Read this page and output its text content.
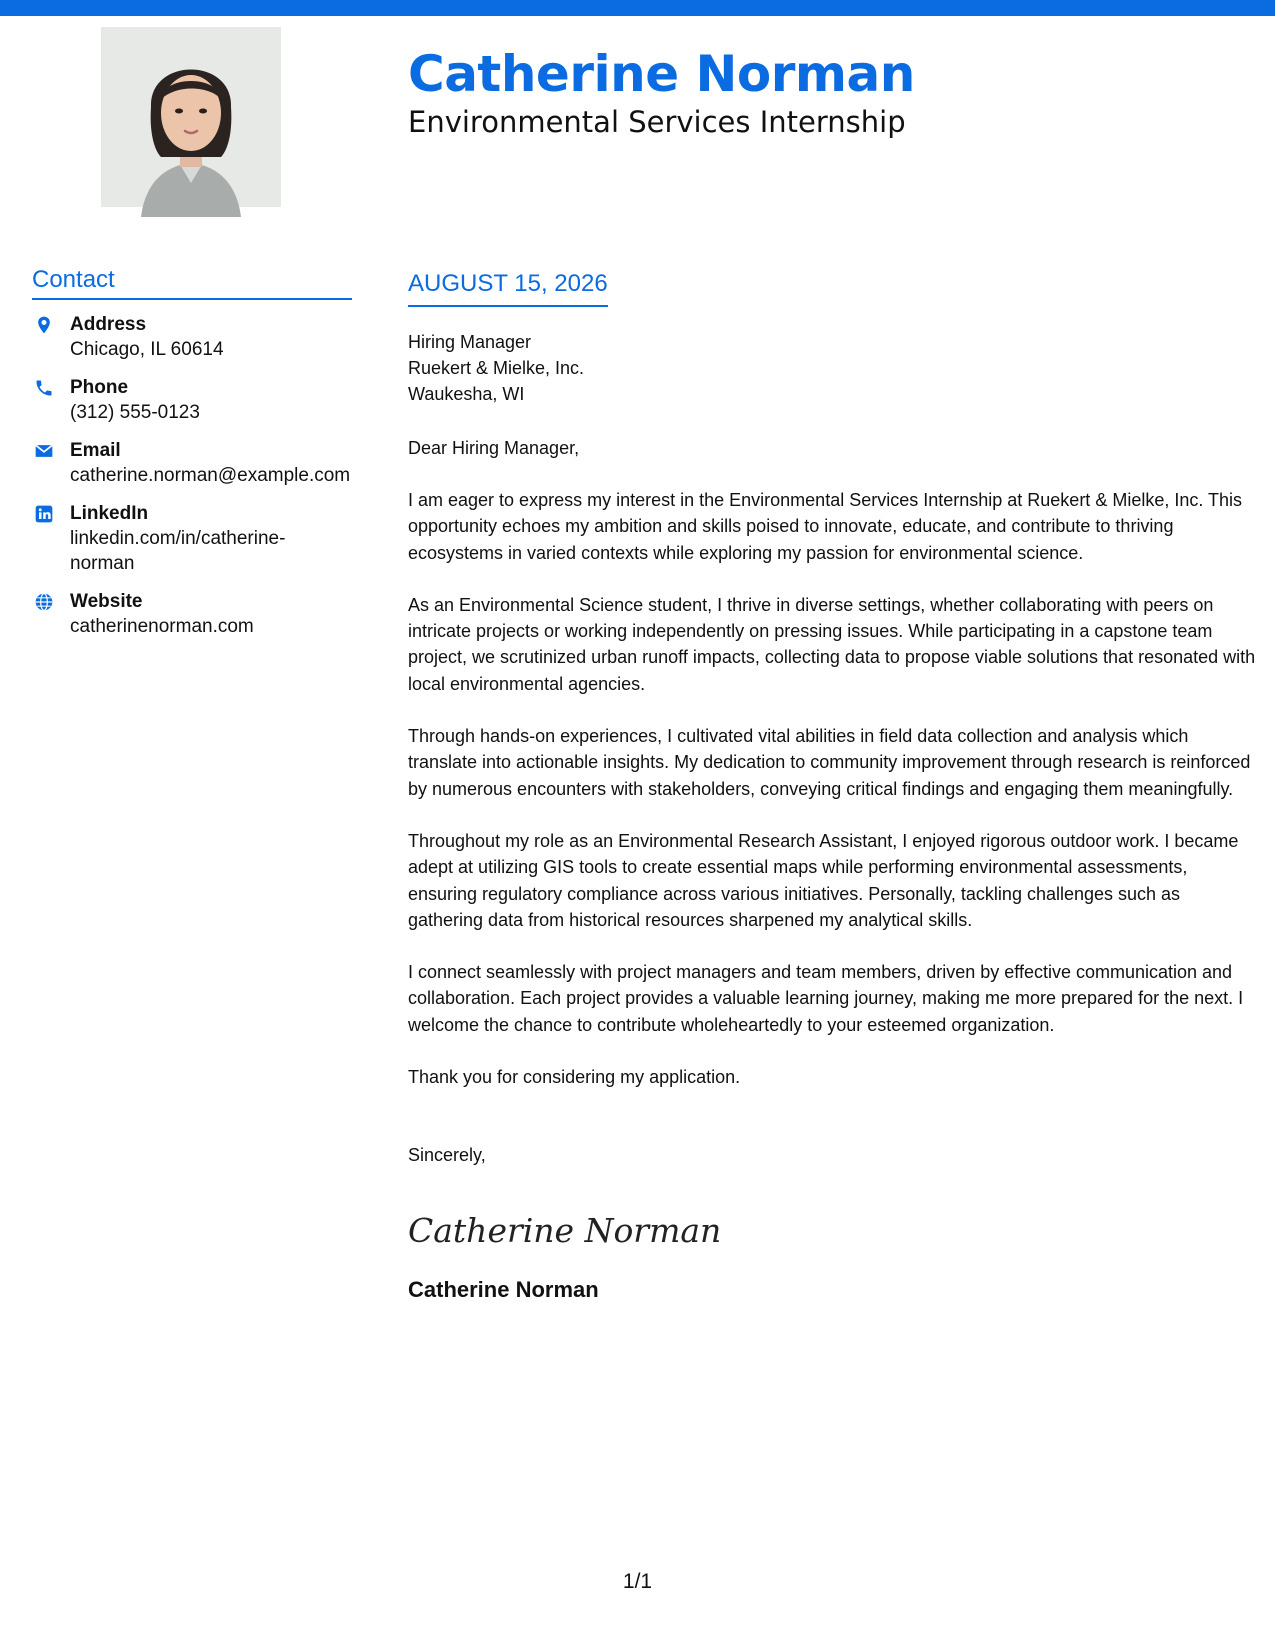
Catherine Norman
Environmental Services Internship
Contact
Address
Chicago, IL 60614
Phone
(312) 555-0123
Email
catherine.norman@example.com
LinkedIn
linkedin.com/in/catherine-norman
Website
catherinenorman.com
AUGUST 15, 2026
Hiring Manager
Ruekert & Mielke, Inc.
Waukesha, WI
Dear Hiring Manager,
I am eager to express my interest in the Environmental Services Internship at Ruekert & Mielke, Inc. This opportunity echoes my ambition and skills poised to innovate, educate, and contribute to thriving ecosystems in varied contexts while exploring my passion for environmental science.
As an Environmental Science student, I thrive in diverse settings, whether collaborating with peers on intricate projects or working independently on pressing issues. While participating in a capstone team project, we scrutinized urban runoff impacts, collecting data to propose viable solutions that resonated with local environmental agencies.
Through hands-on experiences, I cultivated vital abilities in field data collection and analysis which translate into actionable insights. My dedication to community improvement through research is reinforced by numerous encounters with stakeholders, conveying critical findings and engaging them meaningfully.
Throughout my role as an Environmental Research Assistant, I enjoyed rigorous outdoor work. I became adept at utilizing GIS tools to create essential maps while performing environmental assessments, ensuring regulatory compliance across various initiatives. Personally, tackling challenges such as gathering data from historical resources sharpened my analytical skills.
I connect seamlessly with project managers and team members, driven by effective communication and collaboration. Each project provides a valuable learning journey, making me more prepared for the next. I welcome the chance to contribute wholeheartedly to your esteemed organization.
Thank you for considering my application.
Sincerely,
Catherine Norman
Catherine Norman
1/1
